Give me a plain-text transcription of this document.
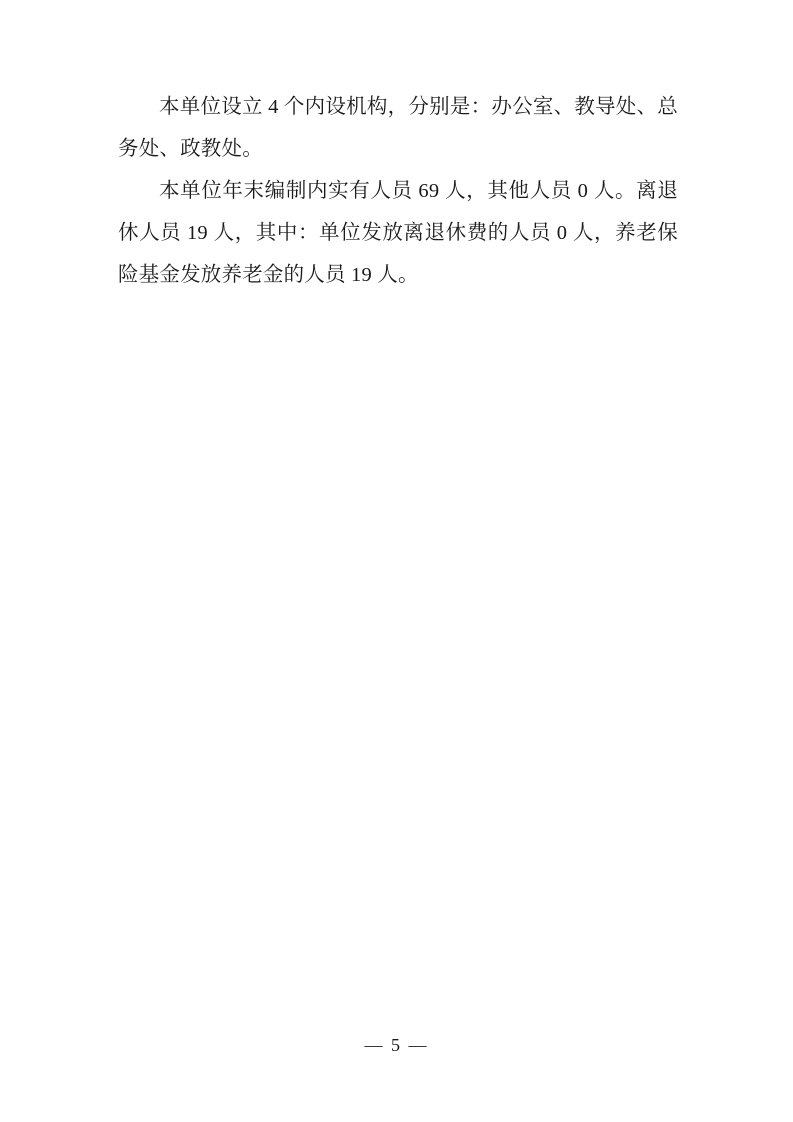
本单位设立 4 个内设机构，分别是：办公室、教导处、总务处、政教处。

本单位年末编制内实有人员 69 人，其他人员 0 人。离退休人员 19 人，其中：单位发放离退休费的人员 0 人，养老保险基金发放养老金的人员 19 人。

— 5 —
